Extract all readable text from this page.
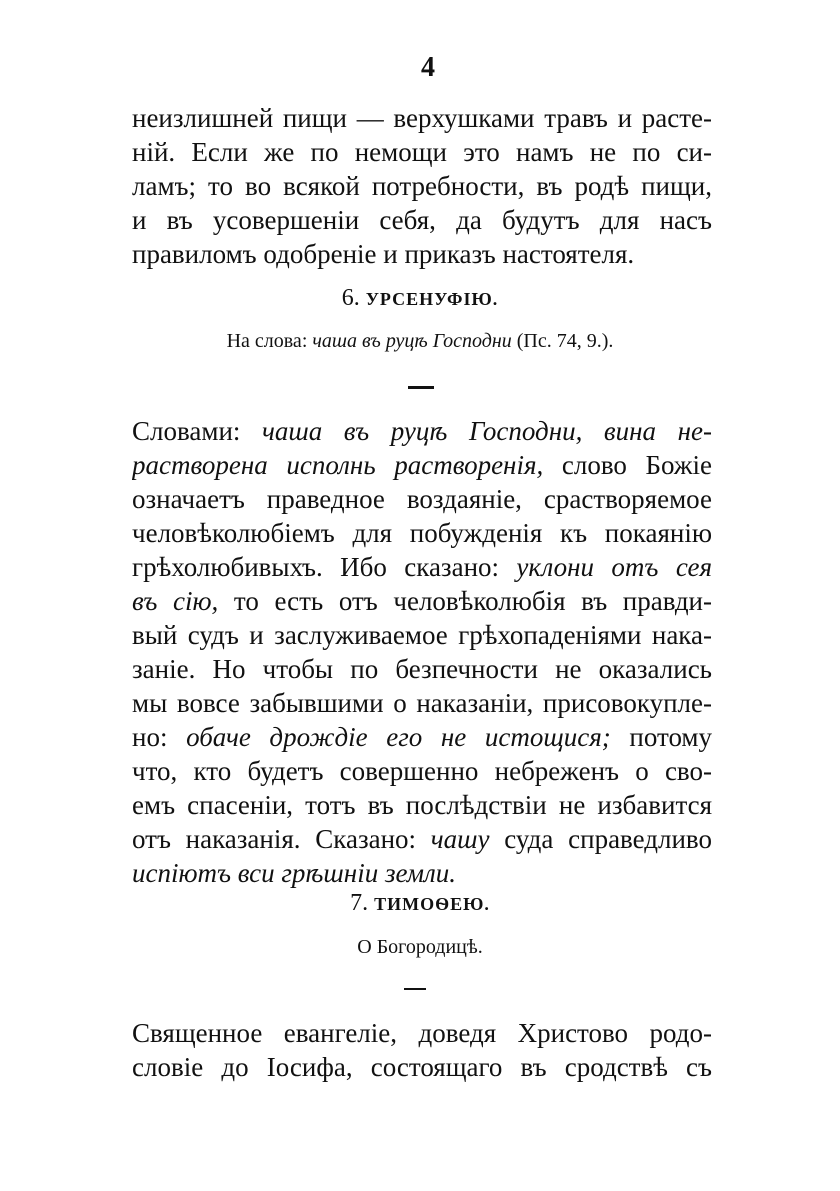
4
неизлишней пищи — верхушками травъ и расте-
ній. Если же по немощи это намъ не по си-
ламъ; то во всякой потребности, въ родѣ пищи,
и въ усовершеніи себя, да будутъ для насъ
правиломъ одобреніе и приказъ настоятеля.
6. УРСЕНУФІЮ.
На слова: чаша въ руцѣ Господни (Пс. 74, 9.).
Словами: чаша въ руцѣ Господни, вина не-
растворена исполнь растворенія, слово Божіе
означаетъ праведное воздаяніе, срастворяемое
человѣколюбіемъ для побужденія къ покаянію
грѣхолюбивыхъ. Ибо сказано: уклони отъ сея
въ сію, то есть отъ человѣколюбія въ правди-
вый судъ и заслуживаемое грѣхопаденіями нака-
заніе. Но чтобы по безпечности не оказались
мы вовсе забывшими о наказаніи, присовокупле-
но: обаче дрождіе его не истощися; потому
что, кто будетъ совершенно небреженъ о сво-
емъ спасеніи, тотъ въ послѣдствіи не избавится
отъ наказанія. Сказано: чашу суда справедливо
испіютъ вси грѣшніи земли.
7. ТИМОѲЕЮ.
О Богородицѣ.
Священное евангеліе, доведя Христово родо-
словіе до Іосифа, состоящаго въ сродствѣ съ
